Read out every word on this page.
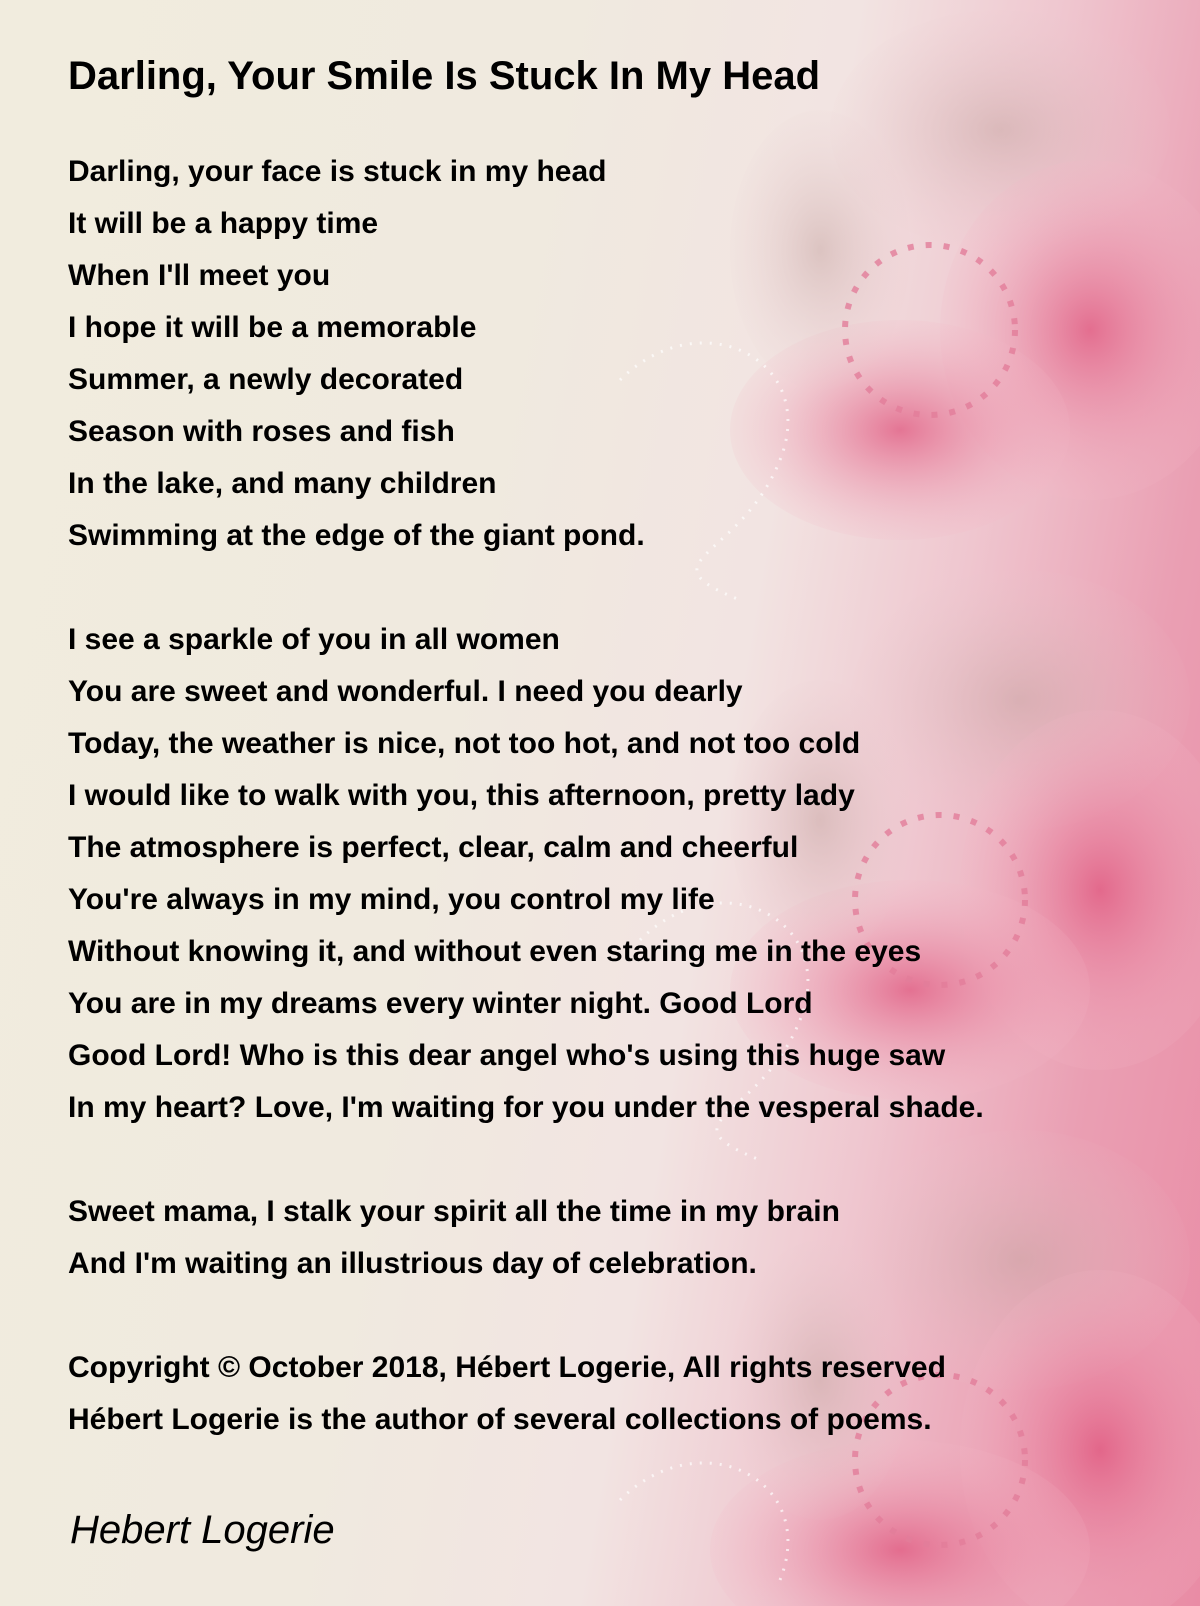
Darling, Your Smile Is Stuck In My Head
Darling, your face is stuck in my head
It will be a happy time
When I'll meet you
I hope it will be a memorable
Summer, a newly decorated
Season with roses and fish
In the lake, and many children
Swimming at the edge of the giant pond.
I see a sparkle of you in all women
You are sweet and wonderful. I need you dearly
Today, the weather is nice, not too hot, and not too cold
I would like to walk with you, this afternoon, pretty lady
The atmosphere is perfect, clear, calm and cheerful
You're always in my mind, you control my life
Without knowing it, and without even staring me in the eyes
You are in my dreams every winter night. Good Lord
Good Lord! Who is this dear angel who's using this huge saw
In my heart? Love, I'm waiting for you under the vesperal shade.
Sweet mama, I stalk your spirit all the time in my brain
And I'm waiting an illustrious day of celebration.
Copyright © October 2018, Hébert Logerie, All rights reserved
Hébert Logerie is the author of several collections of poems.

Hebert Logerie
